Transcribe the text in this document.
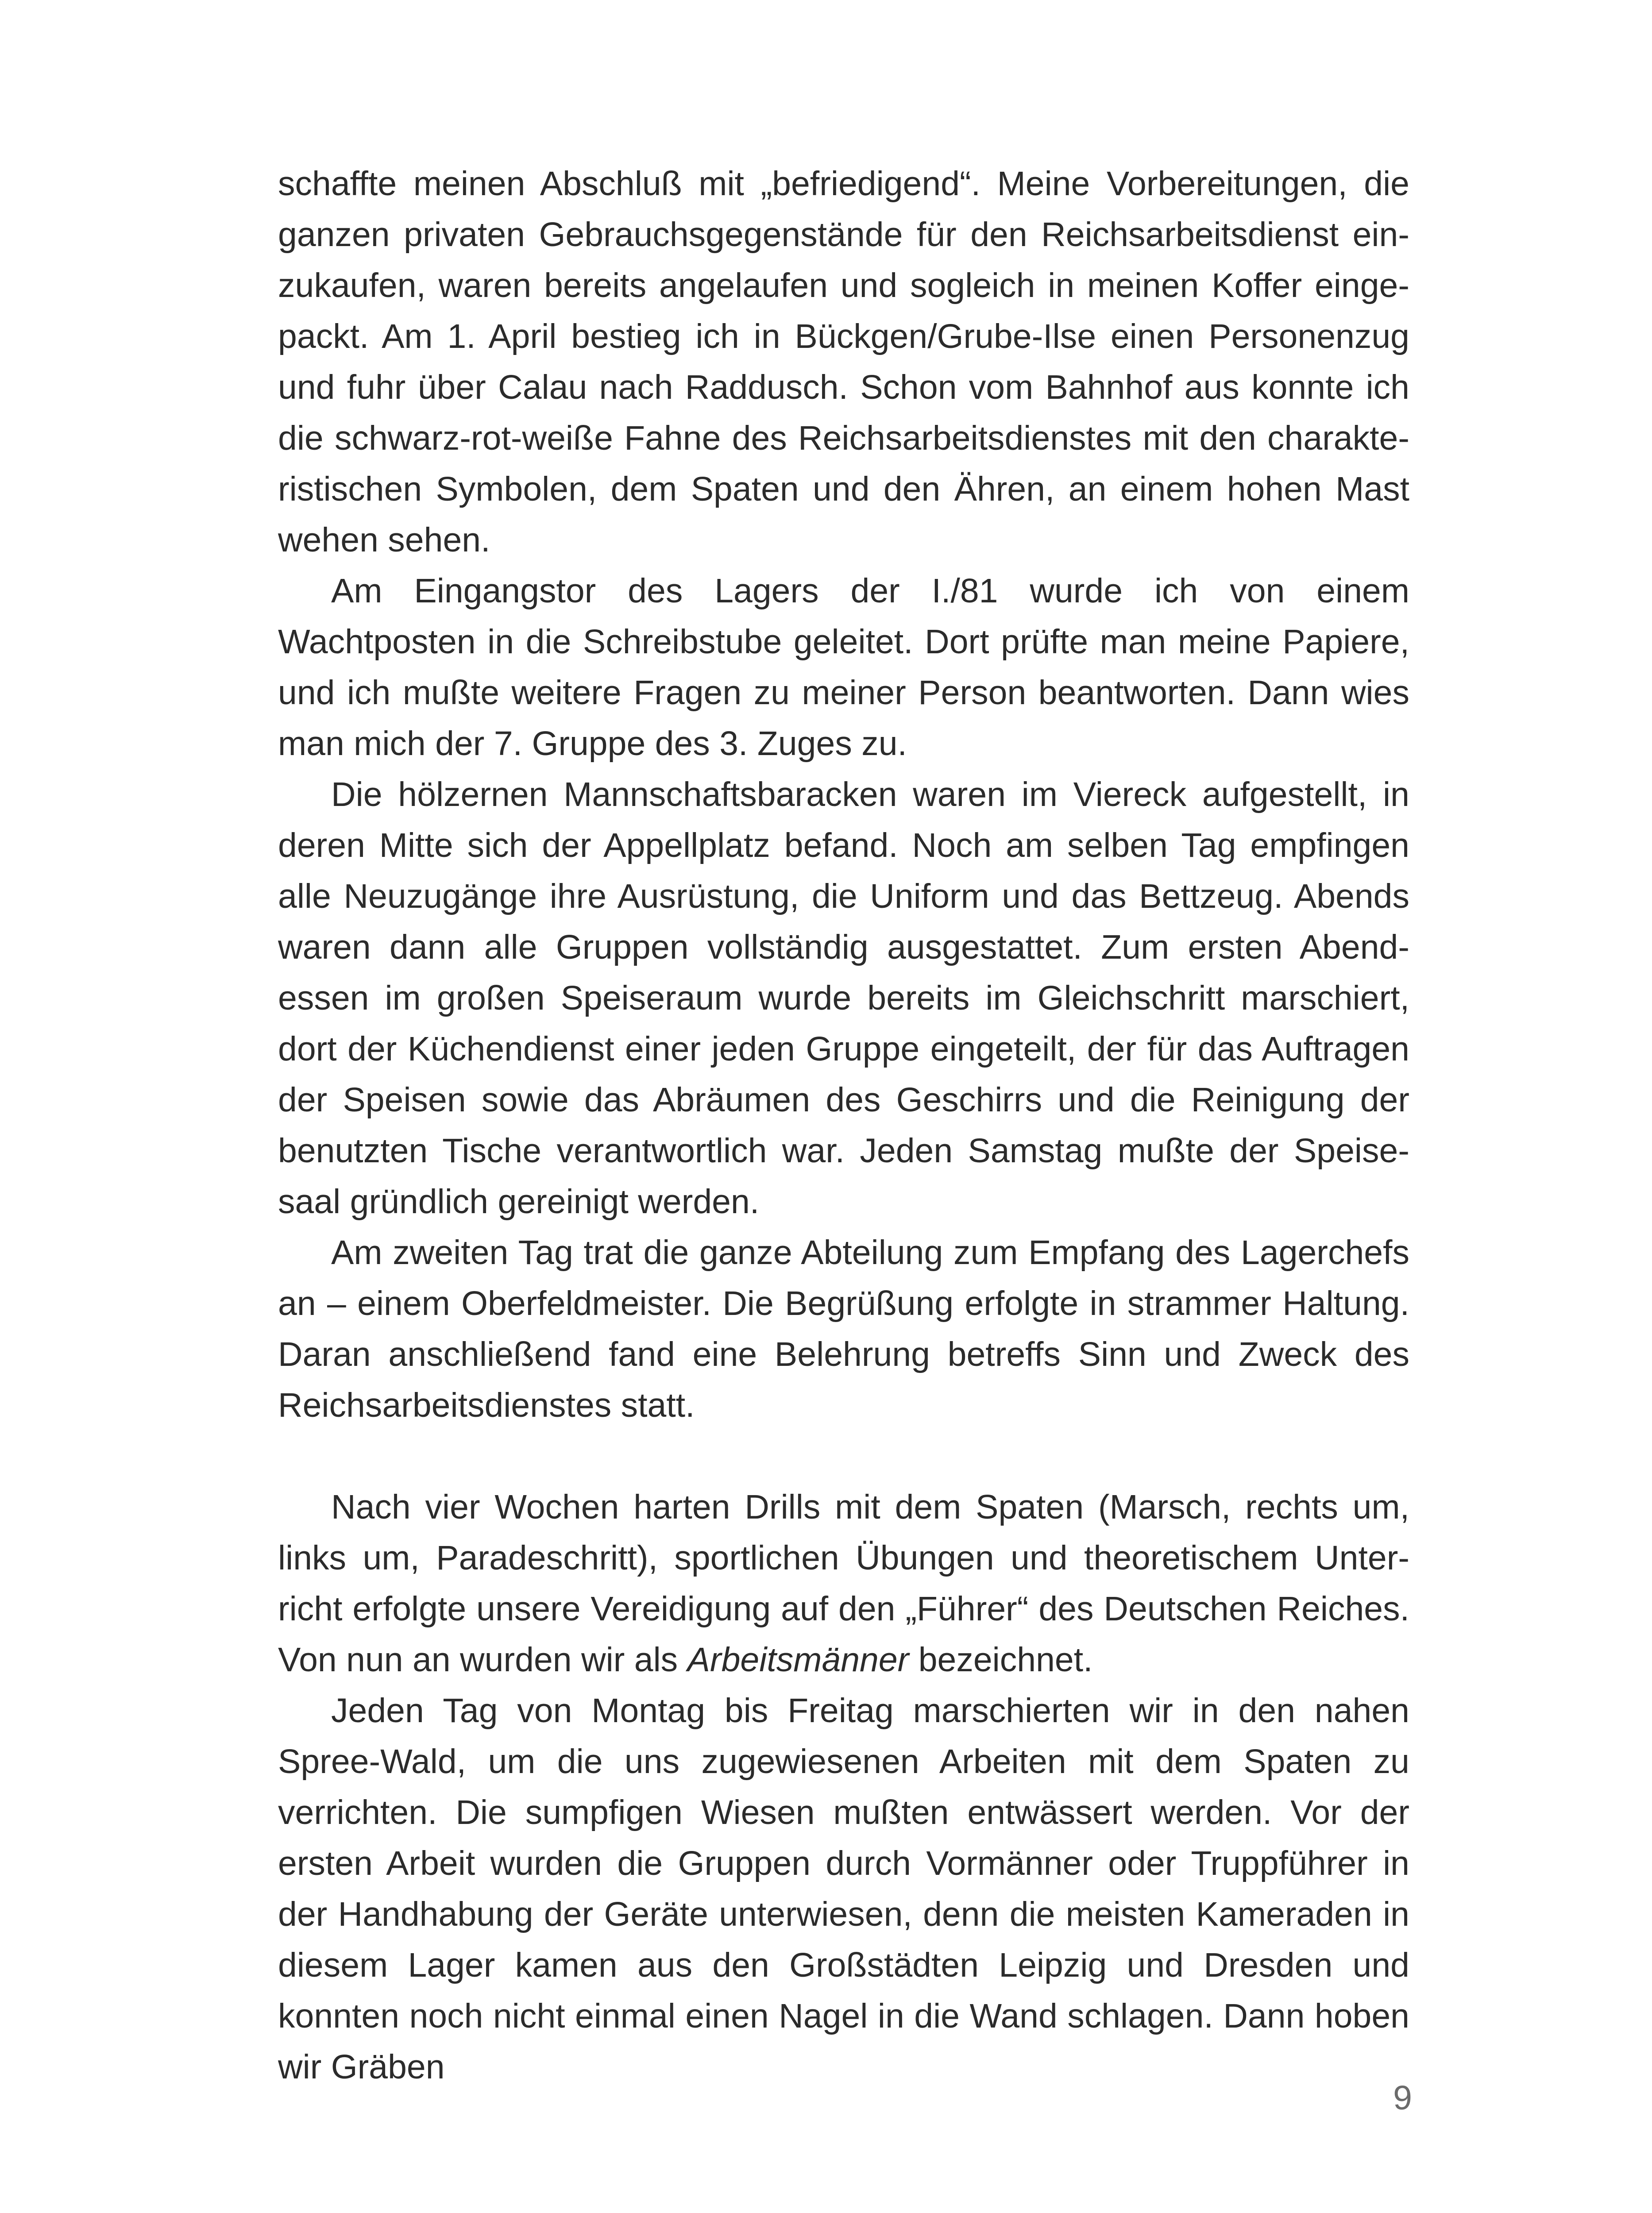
schaffte meinen Abschluß mit „befriedigend“. Meine Vorbereitungen, die ganzen privaten Gebrauchsgegenstände für den Reichsarbeitsdienst einzukaufen, waren bereits angelaufen und sogleich in meinen Koffer eingepackt. Am 1. April bestieg ich in Bückgen/Grube-Ilse einen Personenzug und fuhr über Calau nach Raddusch. Schon vom Bahnhof aus konnte ich die schwarz-rot-weiße Fahne des Reichsarbeitsdienstes mit den charakteristischen Symbolen, dem Spaten und den Ähren, an einem hohen Mast wehen sehen.

Am Eingangstor des Lagers der I./81 wurde ich von einem Wachtposten in die Schreibstube geleitet. Dort prüfte man meine Papiere, und ich mußte weitere Fragen zu meiner Person beantworten. Dann wies man mich der 7. Gruppe des 3. Zuges zu.

Die hölzernen Mannschaftsbaracken waren im Viereck aufgestellt, in deren Mitte sich der Appellplatz befand. Noch am selben Tag empfingen alle Neuzugänge ihre Ausrüstung, die Uniform und das Bettzeug. Abends waren dann alle Gruppen vollständig ausgestattet. Zum ersten Abendessen im großen Speiseraum wurde bereits im Gleichschritt marschiert, dort der Küchendienst einer jeden Gruppe eingeteilt, der für das Auftragen der Speisen sowie das Abräumen des Geschirrs und die Reinigung der benutzten Tische verantwortlich war. Jeden Samstag mußte der Speisesaal gründlich gereinigt werden.

Am zweiten Tag trat die ganze Abteilung zum Empfang des Lagerchefs an – einem Oberfeldmeister. Die Begrüßung erfolgte in strammer Haltung. Daran anschließend fand eine Belehrung betreffs Sinn und Zweck des Reichsarbeitsdienstes statt.

Nach vier Wochen harten Drills mit dem Spaten (Marsch, rechts um, links um, Paradeschritt), sportlichen Übungen und theoretischem Unterricht erfolgte unsere Vereidigung auf den „Führer“ des Deutschen Reiches. Von nun an wurden wir als Arbeitsmänner bezeichnet.

Jeden Tag von Montag bis Freitag marschierten wir in den nahen Spree-Wald, um die uns zugewiesenen Arbeiten mit dem Spaten zu verrichten. Die sumpfigen Wiesen mußten entwässert werden. Vor der ersten Arbeit wurden die Gruppen durch Vormänner oder Truppführer in der Handhabung der Geräte unterwiesen, denn die meisten Kameraden in diesem Lager kamen aus den Großstädten Leipzig und Dresden und konnten noch nicht einmal einen Nagel in die Wand schlagen. Dann hoben wir Gräben

9
